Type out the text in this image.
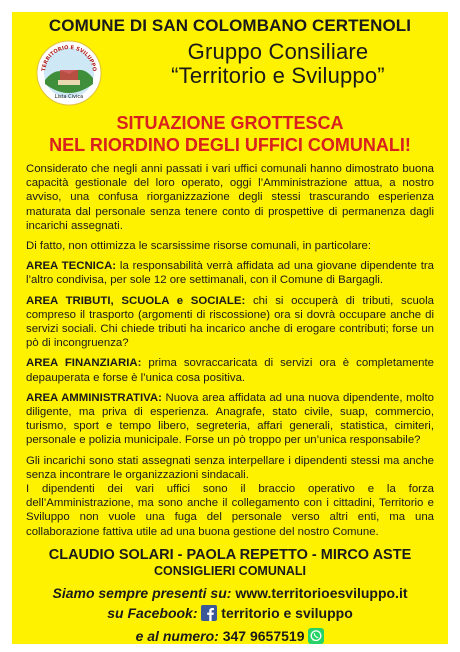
COMUNE DI SAN COLOMBANO CERTENOLI
TERRITORIO E SVILUPPO
Lista Civica
Gruppo Consiliare
“Territorio e Sviluppo”
SITUAZIONE GROTTESCA
NEL RIORDINO DEGLI UFFICI COMUNALI!

Considerato che negli anni passati i vari uffici comunali hanno dimostrato buona capacità gestionale del loro operato, oggi l’Amministrazione attua, a nostro avviso, una confusa riorganizzazione degli stessi trascurando esperienza maturata dal personale senza tenere conto di prospettive di permanenza dagli incarichi assegnati.

Di fatto, non ottimizza le scarsissime risorse comunali, in particolare:

AREA TECNICA: la responsabilità verrà affidata ad una giovane dipendente tra l’altro condivisa, per sole 12 ore settimanali, con il Comune di Bargagli.

AREA TRIBUTI, SCUOLA e SOCIALE: chi si occuperà di tributi, scuola compreso il trasporto (argomenti di riscossione) ora si dovrà occupare anche di servizi sociali. Chi chiede tributi ha incarico anche di erogare contributi; forse un pò di incongruenza?

AREA FINANZIARIA: prima sovraccaricata di servizi ora è completamente depauperata e forse è l’unica cosa positiva.

AREA AMMINISTRATIVA: Nuova area affidata ad una nuova dipendente, molto diligente, ma priva di esperienza. Anagrafe, stato civile, suap, commercio, turismo, sport e tempo libero, segreteria, affari generali, statistica, cimiteri, personale e polizia municipale. Forse un pò troppo per un’unica responsabile?

Gli incarichi sono stati assegnati senza interpellare i dipendenti stessi ma anche senza incontrare le organizzazioni sindacali.

I dipendenti dei vari uffici sono il braccio operativo e la forza dell’Amministrazione, ma sono anche il collegamento con i cittadini, Territorio e Sviluppo non vuole una fuga del personale verso altri enti, ma una collaborazione fattiva utile ad una buona gestione del nostro Comune.

CLAUDIO SOLARI - PAOLA REPETTO - MIRCO ASTE
CONSIGLIERI COMUNALI
Siamo sempre presenti su: www.territorioesviluppo.it
su Facebook: territorio e sviluppo
e al numero: 347 9657519
